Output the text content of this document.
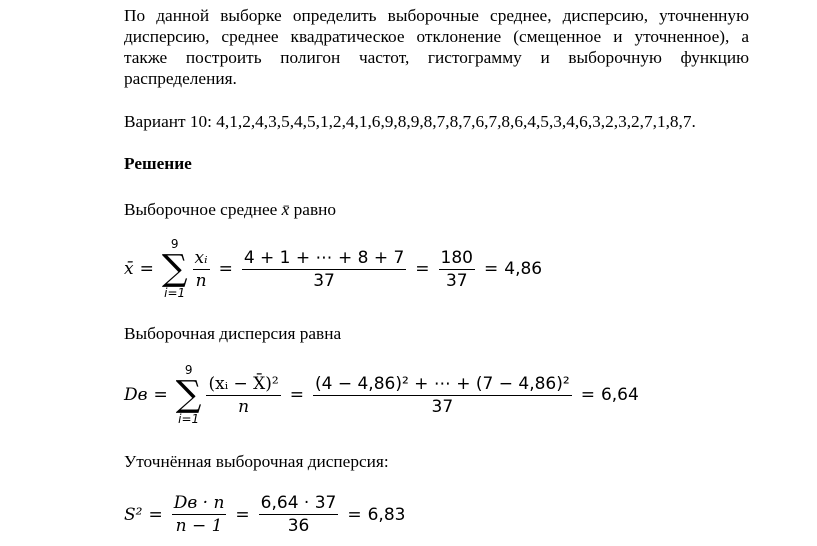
По данной выборке определить выборочные среднее, дисперсию, уточненную
дисперсию, среднее квадратическое отклонение (смещенное и уточненное), а
также построить полигон частот, гистограмму и выборочную функцию
распределения.

Вариант 10: 4,1,2,4,3,5,4,5,1,2,4,1,6,9,8,9,8,7,8,7,6,7,8,6,4,5,3,4,6,3,2,3,2,7,1,8,7.

Решение

Выборочное среднее x̄ равно

x̄ =
9
∑
i=1
$\frac{\text{xᵢ}}{n} = \frac{4 + 1 + \cdots + 8 + 7}{37} = \frac{180}{37} = 4,86$

Выборочная дисперсия равна

Dв =
9
∑
i=1
$\frac{\text{(xᵢ − X̄)²}}{n} = \frac{\text{(4 − 4,86)² + ⋯ + (7 − 4,86)²}}{37} = 6,64$

Уточнённая выборочная дисперсия:

$S^2 = \frac{Dв \cdot n}{n - 1} = \frac{6,64 \cdot 37}{36} = 6,83$
